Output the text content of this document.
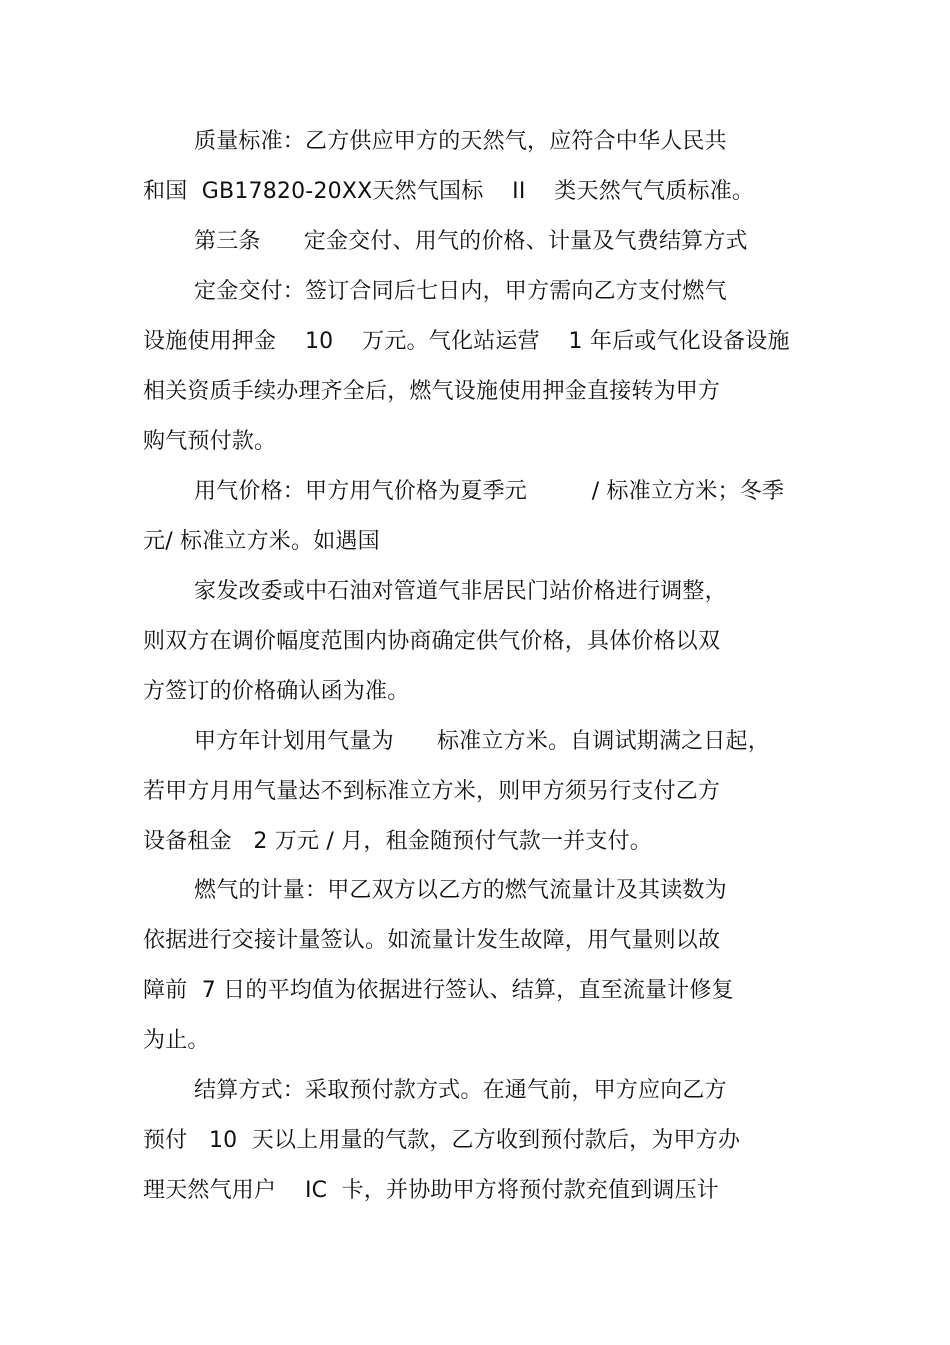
质量标准：乙方供应甲方的天然气，应符合中华人民共
和国  GB17820-20XX天然气国标    II    类天然气气质标准。
第三条      定金交付、用气的价格、计量及气费结算方式
定金交付：签订合同后七日内，甲方需向乙方支付燃气
设施使用押金    10    万元。气化站运营    1 年后或气化设备设施
相关资质手续办理齐全后，燃气设施使用押金直接转为甲方
购气预付款。
用气价格：甲方用气价格为夏季元         / 标准立方米；冬季
元/ 标准立方米。如遇国
家发改委或中石油对管道气非居民门站价格进行调整，
则双方在调价幅度范围内协商确定供气价格，具体价格以双
方签订的价格确认函为准。
甲方年计划用气量为      标准立方米。自调试期满之日起，
若甲方月用气量达不到标准立方米，则甲方须另行支付乙方
设备租金   2 万元 / 月，租金随预付气款一并支付。
燃气的计量：甲乙双方以乙方的燃气流量计及其读数为
依据进行交接计量签认。如流量计发生故障，用气量则以故
障前  7 日的平均值为依据进行签认、结算，直至流量计修复
为止。
结算方式：采取预付款方式。在通气前，甲方应向乙方
预付   10  天以上用量的气款，乙方收到预付款后，为甲方办
理天然气用户    IC  卡，并协助甲方将预付款充值到调压计
